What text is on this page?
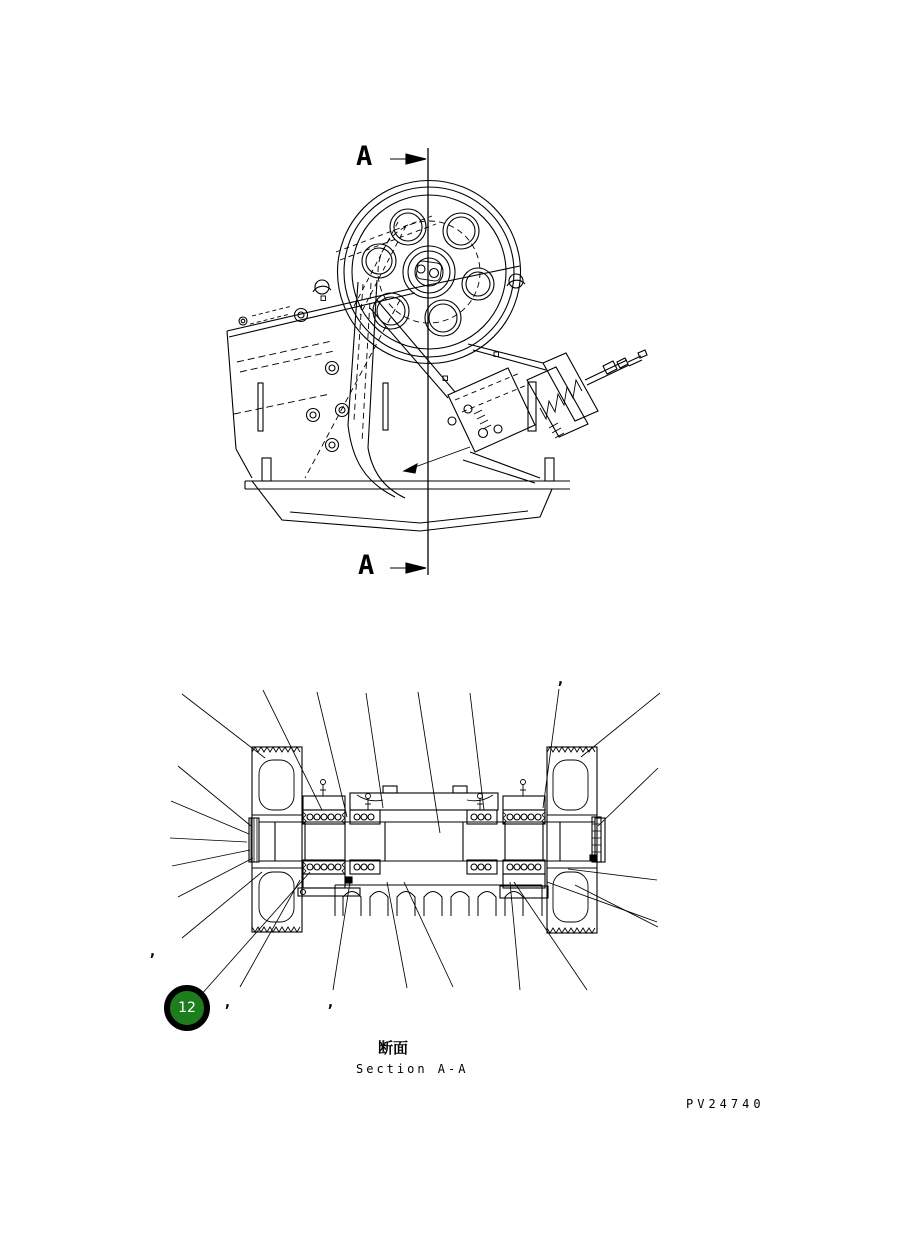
A
A
,
,	,
,
12
断面
Section A-A
PV24740
